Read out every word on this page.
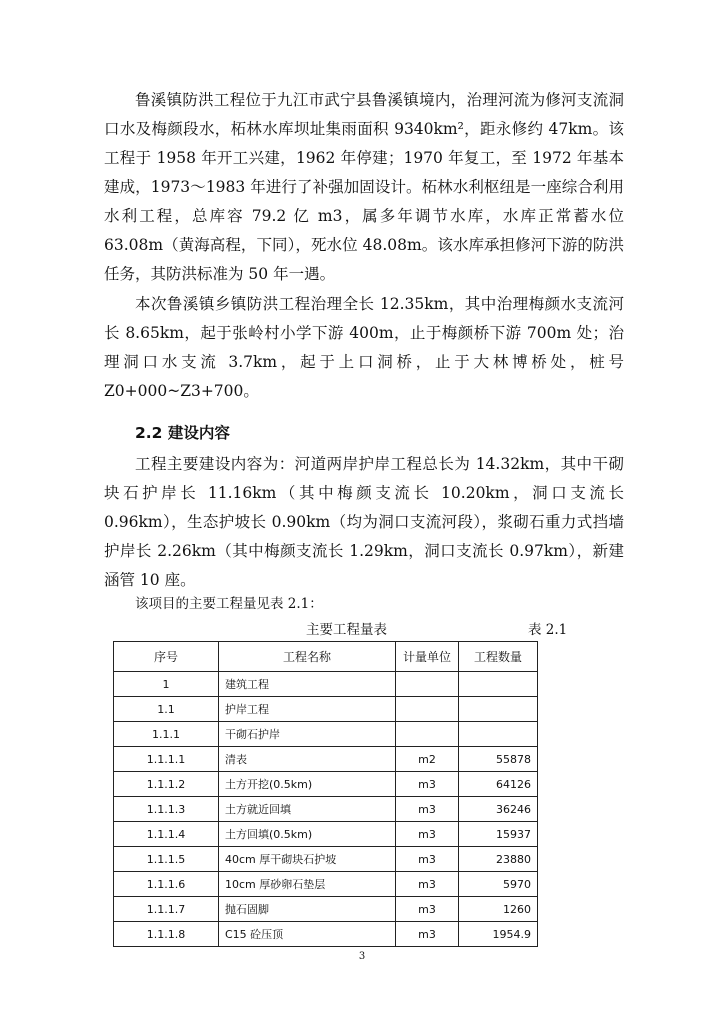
鲁溪镇防洪工程位于九江市武宁县鲁溪镇境内，治理河流为修河支流洞口水及梅颜段水，柘林水库坝址集雨面积 9340km²，距永修约 47km。该工程于 1958 年开工兴建，1962 年停建；1970 年复工，至 1972 年基本建成，1973～1983 年进行了补强加固设计。柘林水利枢纽是一座综合利用水利工程，总库容 79.2 亿 m3，属多年调节水库，水库正常蓄水位 63.08m（黄海高程，下同），死水位 48.08m。该水库承担修河下游的防洪任务，其防洪标准为 50 年一遇。

本次鲁溪镇乡镇防洪工程治理全长 12.35km，其中治理梅颜水支流河长 8.65km，起于张岭村小学下游 400m，止于梅颜桥下游 700m 处；治理洞口水支流 3.7km，起于上口洞桥，止于大林博桥处，桩号 Z0+000~Z3+700。

2.2 建设内容

工程主要建设内容为：河道两岸护岸工程总长为 14.32km，其中干砌块石护岸长 11.16km（其中梅颜支流长 10.20km，洞口支流长 0.96km），生态护坡长 0.90km（均为洞口支流河段），浆砌石重力式挡墙护岸长 2.26km（其中梅颜支流长 1.29km，洞口支流长 0.97km），新建涵管 10 座。

该项目的主要工程量见表 2.1：
主要工程量表	表 2.1
序号	工程名称	计量单位	工程数量
1	建筑工程		
1.1	护岸工程		
1.1.1	干砌石护岸		
1.1.1.1	清表	m2	55878
1.1.1.2	土方开挖(0.5km)	m3	64126
1.1.1.3	土方就近回填	m3	36246
1.1.1.4	土方回填(0.5km)	m3	15937
1.1.1.5	40cm 厚干砌块石护坡	m3	23880
1.1.1.6	10cm 厚砂卵石垫层	m3	5970
1.1.1.7	抛石固脚	m3	1260
1.1.1.8	C15 砼压顶	m3	1954.9
3
